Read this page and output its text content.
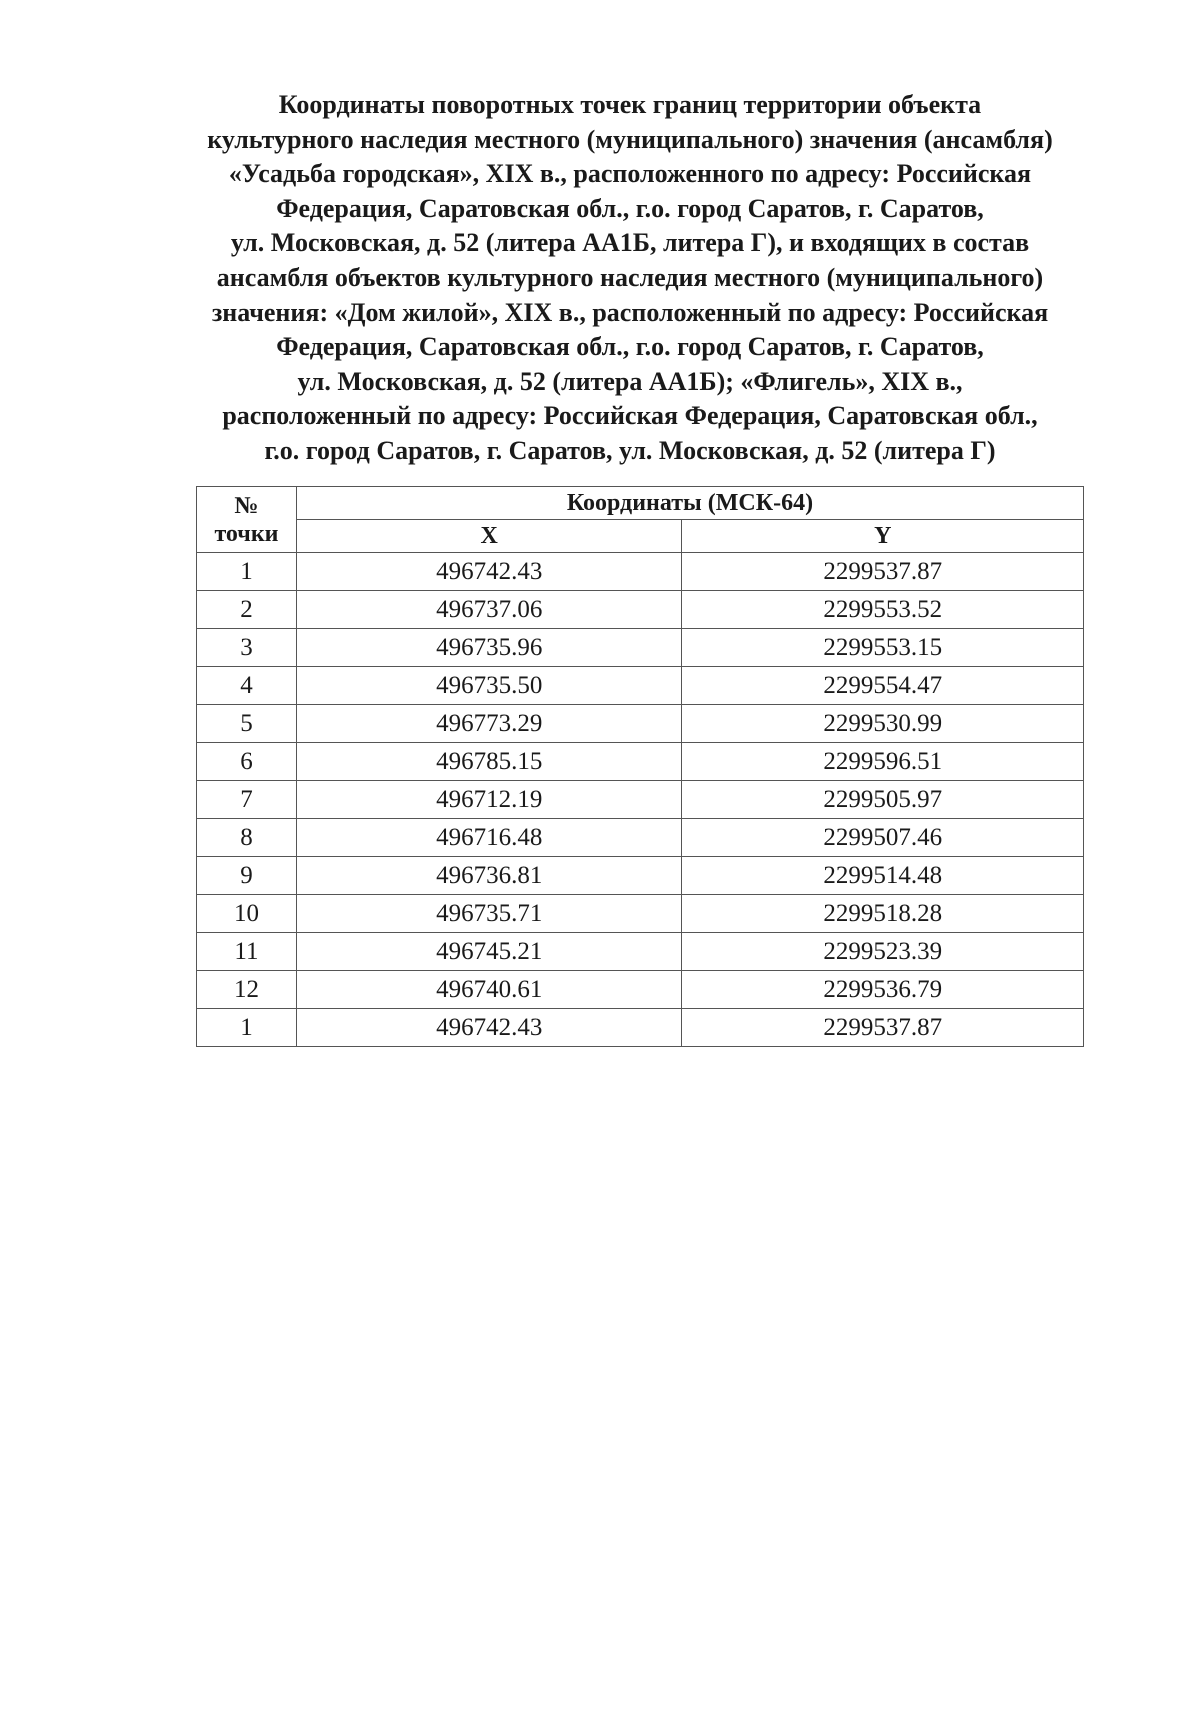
Координаты поворотных точек границ территории объекта
культурного наследия местного (муниципального) значения (ансамбля)
«Усадьба городская», XIX в., расположенного по адресу: Российская
Федерация, Саратовская обл., г.о. город Саратов, г. Саратов,
ул. Московская, д. 52 (литера АА1Б, литера Г), и входящих в состав
ансамбля объектов культурного наследия местного (муниципального)
значения: «Дом жилой», XIX в., расположенный по адресу: Российская
Федерация, Саратовская обл., г.о. город Саратов, г. Саратов,
ул. Московская, д. 52 (литера АА1Б); «Флигель», XIX в.,
расположенный по адресу: Российская Федерация, Саратовская обл.,
г.о. город Саратов, г. Саратов, ул. Московская, д. 52 (литера Г)
№
точки	Координаты (МСК-64)	
	X	Y
1	496742.43	2299537.87
2	496737.06	2299553.52
3	496735.96	2299553.15
4	496735.50	2299554.47
5	496773.29	2299530.99
6	496785.15	2299596.51
7	496712.19	2299505.97
8	496716.48	2299507.46
9	496736.81	2299514.48
10	496735.71	2299518.28
11	496745.21	2299523.39
12	496740.61	2299536.79
1	496742.43	2299537.87
